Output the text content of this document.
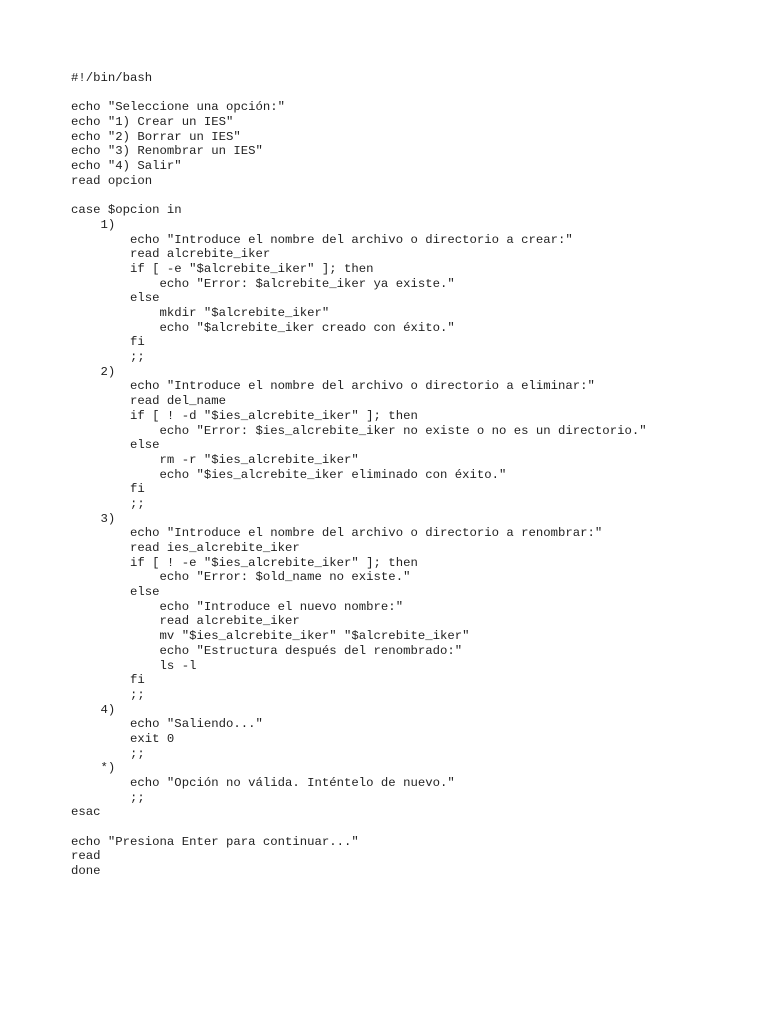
#!/bin/bash
echo "Seleccione una opción:"
echo "1) Crear un IES"
echo "2) Borrar un IES"
echo "3) Renombrar un IES"
echo "4) Salir"
read opcion
case $opcion in
1)
echo "Introduce el nombre del archivo o directorio a crear:"
read alcrebite_iker
if [ -e "$alcrebite_iker" ]; then
echo "Error: $alcrebite_iker ya existe."
else
mkdir "$alcrebite_iker"
echo "$alcrebite_iker creado con éxito."
fi
;;
2)
echo "Introduce el nombre del archivo o directorio a eliminar:"
read del_name
if [ ! -d "$ies_alcrebite_iker" ]; then
echo "Error: $ies_alcrebite_iker no existe o no es un directorio."
else
rm -r "$ies_alcrebite_iker"
echo "$ies_alcrebite_iker eliminado con éxito."
fi
;;
3)
echo "Introduce el nombre del archivo o directorio a renombrar:"
read ies_alcrebite_iker
if [ ! -e "$ies_alcrebite_iker" ]; then
echo "Error: $old_name no existe."
else
echo "Introduce el nuevo nombre:"
read alcrebite_iker
mv "$ies_alcrebite_iker" "$alcrebite_iker"
echo "Estructura después del renombrado:"
ls -l
fi
;;
4)
echo "Saliendo..."
exit 0
;;
*)
echo "Opción no válida. Inténtelo de nuevo."
;;
esac
echo "Presiona Enter para continuar..."
read
done
